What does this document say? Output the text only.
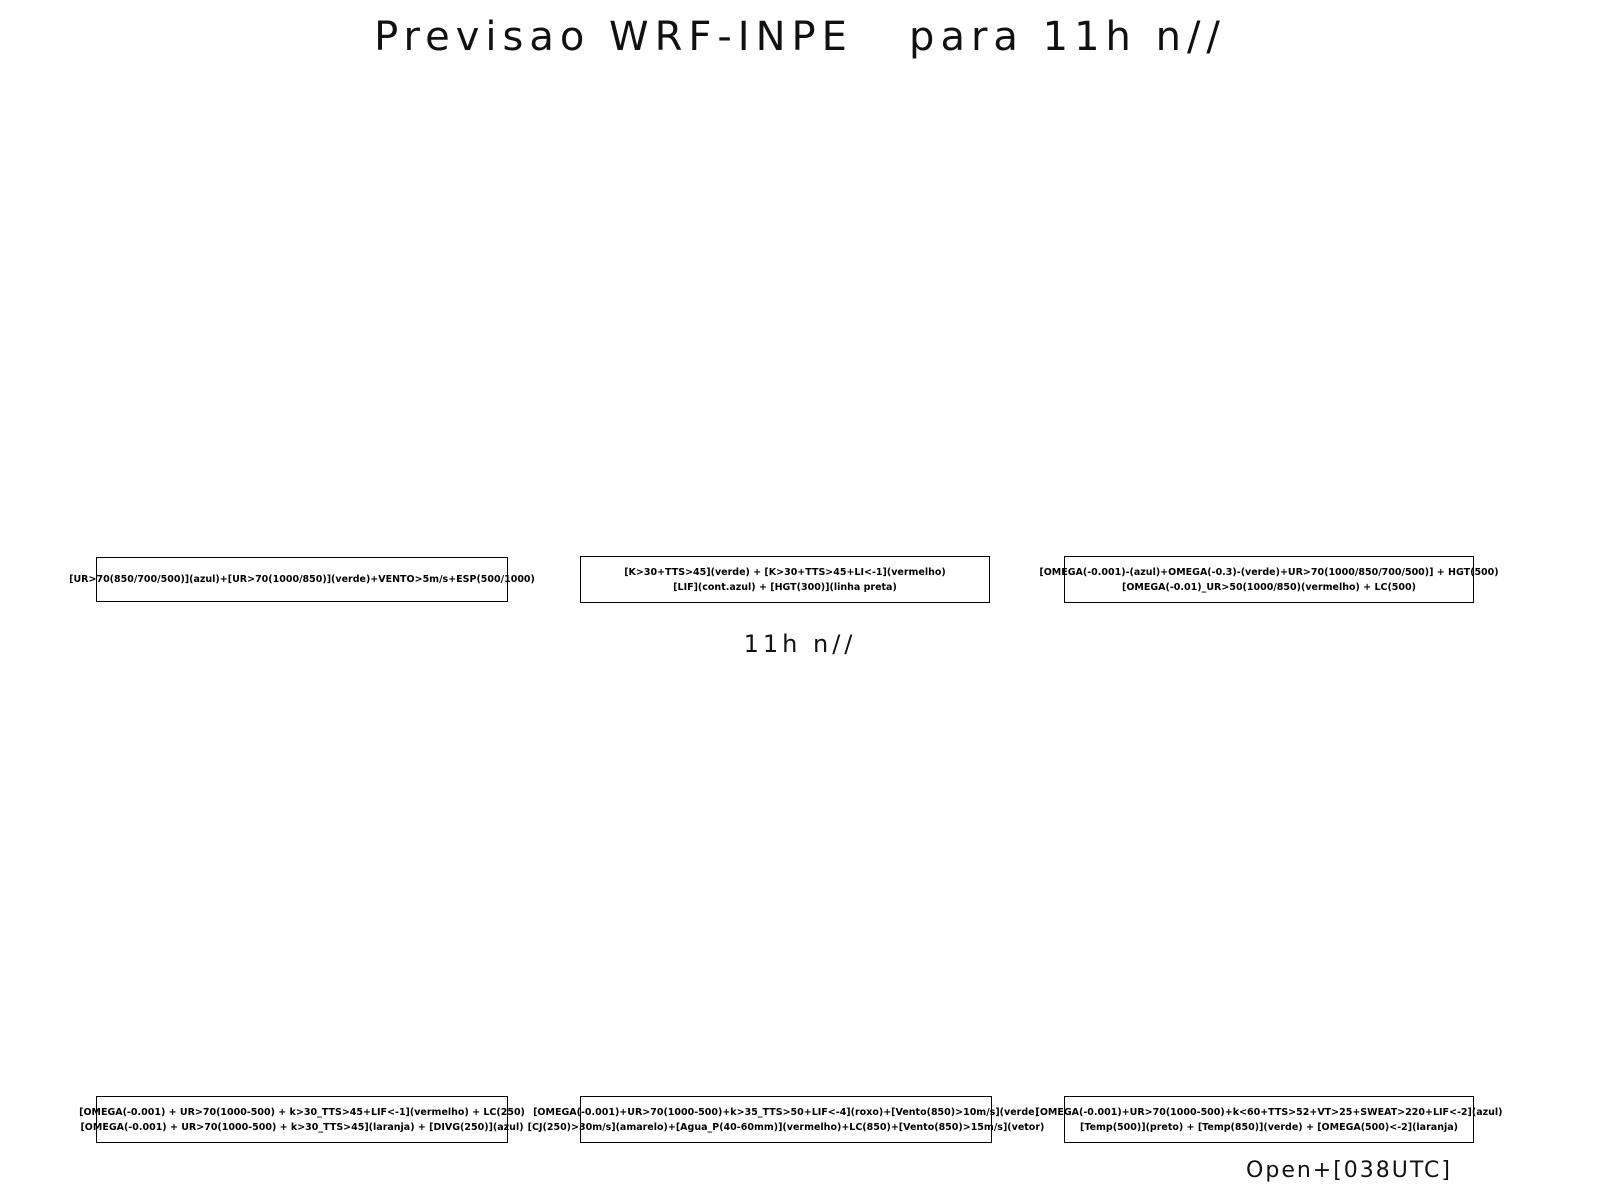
Previsao WRF-INPE   para 11h n//
[UR>70(850/700/500)](azul)+[UR>70(1000/850)](verde)+VENTO>5m/s+ESP(500/1000)
[K>30+TTS>45](verde) + [K>30+TTS>45+LI<-1](vermelho)
[LIF](cont.azul) + [HGT(300)](linha preta)
[OMEGA(-0.001)-(azul)+OMEGA(-0.3)-(verde)+UR>70(1000/850/700/500)] + HGT(500)
[OMEGA(-0.01)_UR>50(1000/850)(vermelho) + LC(500)
11h n//
[OMEGA(-0.001) + UR>70(1000-500) + k>30_TTS>45+LIF<-1](vermelho) + LC(250)
[OMEGA(-0.001) + UR>70(1000-500) + k>30_TTS>45](laranja) + [DIVG(250)](azul)
[OMEGA(-0.001)+UR>70(1000-500)+k>35_TTS>50+LIF<-4](roxo)+[Vento(850)>10m/s](verde)
[CJ(250)>30m/s](amarelo)+[Agua_P(40-60mm)](vermelho)+LC(850)+[Vento(850)>15m/s](vetor)
[OMEGA(-0.001)+UR>70(1000-500)+k<60+TTS>52+VT>25+SWEAT>220+LIF<-2](azul)
[Temp(500)](preto) + [Temp(850)](verde) + [OMEGA(500)<-2](laranja)
Open+[038UTC]
